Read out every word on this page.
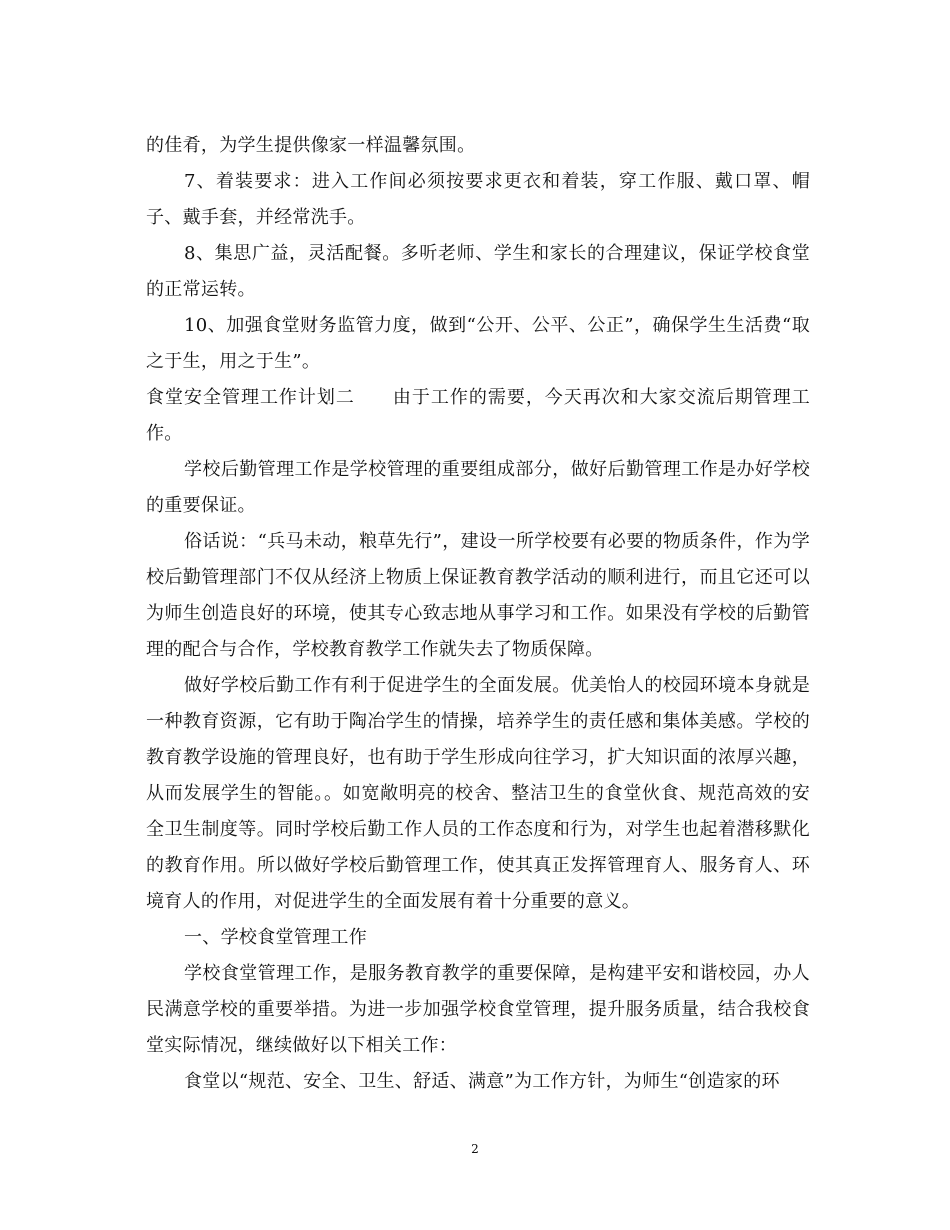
的佳肴，为学生提供像家一样温馨氛围。

7、着装要求：进入工作间必须按要求更衣和着装，穿工作服、戴口罩、帽子、戴手套，并经常洗手。

8、集思广益，灵活配餐。多听老师、学生和家长的合理建议，保证学校食堂的正常运转。

10、加强食堂财务监管力度，做到“公开、公平、公正”，确保学生生活费“取之于生，用之于生”。

食堂安全管理工作计划二　　由于工作的需要，今天再次和大家交流后期管理工作。

学校后勤管理工作是学校管理的重要组成部分，做好后勤管理工作是办好学校的重要保证。

俗话说：“兵马未动，粮草先行”，建设一所学校要有必要的物质条件，作为学校后勤管理部门不仅从经济上物质上保证教育教学活动的顺利进行，而且它还可以为师生创造良好的环境，使其专心致志地从事学习和工作。如果没有学校的后勤管理的配合与合作，学校教育教学工作就失去了物质保障。

做好学校后勤工作有利于促进学生的全面发展。优美怡人的校园环境本身就是一种教育资源，它有助于陶冶学生的情操，培养学生的责任感和集体美感。学校的教育教学设施的管理良好，也有助于学生形成向往学习，扩大知识面的浓厚兴趣，从而发展学生的智能。。如宽敞明亮的校舍、整洁卫生的食堂伙食、规范高效的安全卫生制度等。同时学校后勤工作人员的工作态度和行为，对学生也起着潜移默化的教育作用。所以做好学校后勤管理工作，使其真正发挥管理育人、服务育人、环境育人的作用，对促进学生的全面发展有着十分重要的意义。

一、学校食堂管理工作

学校食堂管理工作，是服务教育教学的重要保障，是构建平安和谐校园，办人民满意学校的重要举措。为进一步加强学校食堂管理，提升服务质量，结合我校食堂实际情况，继续做好以下相关工作：

食堂以“规范、安全、卫生、舒适、满意”为工作方针，为师生“创造家的环

2
